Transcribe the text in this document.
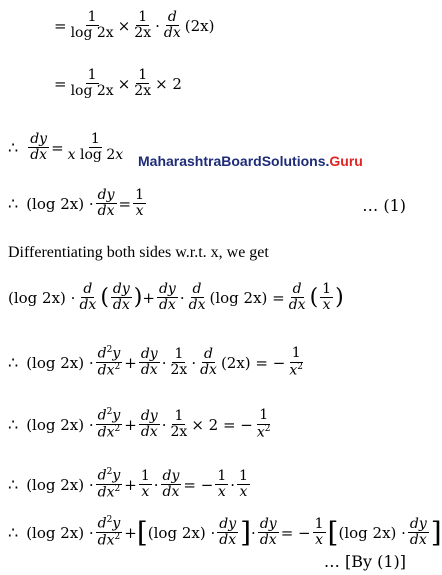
= $\frac{1}{\log 2x} \times \frac{1}{2x} \cdot \frac{d}{dx} (2x)$
= $\frac{1}{\log 2x} \times \frac{1}{2x} \times 2$
∴ $\frac{dy}{dx} = \frac{1}{\text{x log 2x}}$ MaharashtraBoardSolutions.Guru
∴ (log $2x) \cdot \frac{dy}{dx} = \frac{1}{x}$	… (1)
Differentiating both sides w.r.t. x, we get
(log $2x) \cdot \frac{d}{dx}$ ( $\frac{dy}{dx}$ ) + $\frac{dy}{dx} \cdot \frac{d}{dx} (\log$ $2x) = \frac{d}{dx}$ ( $\frac{1}{x}$ )
∴ (log $2x) \cdot \frac{d^2y}{dx^2} + \frac{dy}{dx} \cdot \frac{1}{2x} \cdot \frac{d}{dx} (2x)$ = − $\frac{1}{x^2}$
∴ (log $2x) \cdot \frac{d^2y}{dx^2} + \frac{dy}{dx} \cdot \frac{1}{2x} \times 2$ = − $\frac{1}{x^2}$
∴ (log $2x) \cdot \frac{d^2y}{dx^2} + \frac{1}{x} \cdot \frac{dy}{dx}$ = − $\frac{1}{x} \cdot \frac{1}{x}$
∴ (log $2x) \cdot \frac{d^2y}{dx^2}$ + [ (log $2x) \cdot \frac{dy}{dx}$ ] · $\frac{dy}{dx}$ = − $\frac{1}{x}$ [ (log $2x) \cdot \frac{dy}{dx}$ ]
… [By (1)]
